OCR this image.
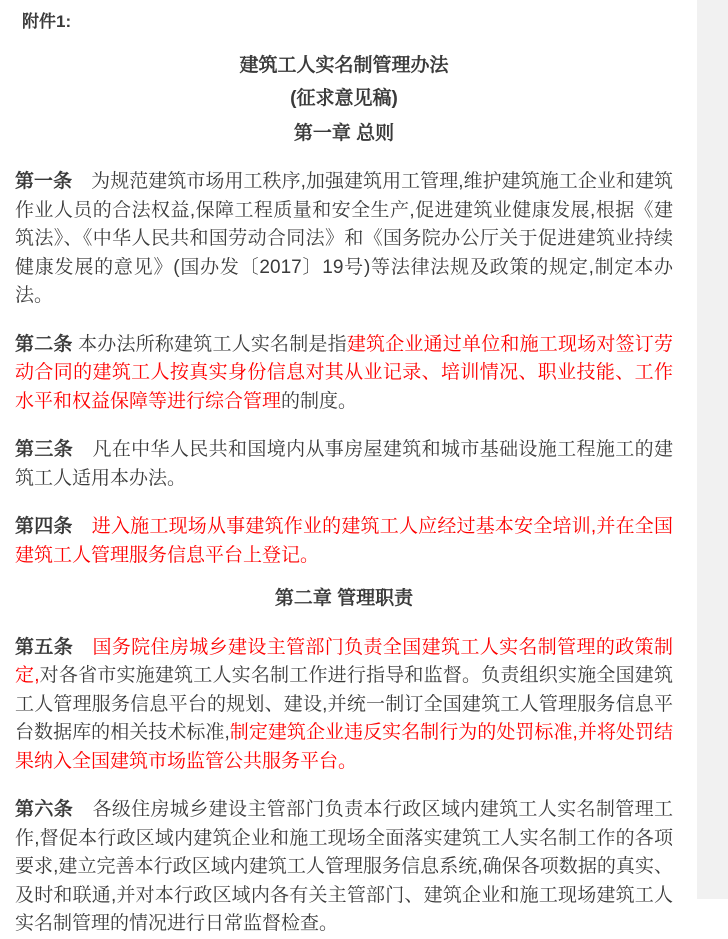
附件1:

建筑工人实名制管理办法

(征求意见稿)

第一章 总则

第一条　为规范建筑市场用工秩序,加强建筑用工管理,维护建筑施工企业和建筑作业人员的合法权益,保障工程质量和安全生产,促进建筑业健康发展,根据《建筑法》、《中华人民共和国劳动合同法》和《国务院办公厅关于促进建筑业持续健康发展的意见》(国办发〔2017〕19号)等法律法规及政策的规定,制定本办法。

第二条 本办法所称建筑工人实名制是指建筑企业通过单位和施工现场对签订劳动合同的建筑工人按真实身份信息对其从业记录、培训情况、职业技能、工作水平和权益保障等进行综合管理的制度。

第三条　凡在中华人民共和国境内从事房屋建筑和城市基础设施工程施工的建筑工人适用本办法。

第四条　进入施工现场从事建筑作业的建筑工人应经过基本安全培训,并在全国建筑工人管理服务信息平台上登记。

第二章 管理职责

第五条　国务院住房城乡建设主管部门负责全国建筑工人实名制管理的政策制定,对各省市实施建筑工人实名制工作进行指导和监督。负责组织实施全国建筑工人管理服务信息平台的规划、建设,并统一制订全国建筑工人管理服务信息平台数据库的相关技术标准,制定建筑企业违反实名制行为的处罚标准,并将处罚结果纳入全国建筑市场监管公共服务平台。

第六条　各级住房城乡建设主管部门负责本行政区域内建筑工人实名制管理工作,督促本行政区域内建筑企业和施工现场全面落实建筑工人实名制工作的各项要求,建立完善本行政区域内建筑工人管理服务信息系统,确保各项数据的真实、及时和联通,并对本行政区域内各有关主管部门、建筑企业和施工现场建筑工人实名制管理的情况进行日常监督检查。
